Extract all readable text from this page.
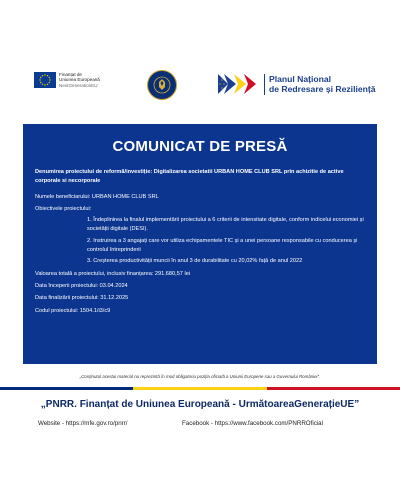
Finanțat de
Uniunea Europeană
NextGenerationEU
Planul Național
de Redresare și Reziliență
COMUNICAT DE PRESĂ

Denumirea proiectului de reformă/investiție: Digitalizarea societatii URBAN HOME CLUB SRL prin achizitie de active corporale si necorporale

Numele beneficiarului: URBAN HOME CLUB SRL

Obiectivele proiectului:

1. Îndeplinirea la finalul implementării proiectului a 6 criterii de intensitate digitale, conform indicelui economiei și societății digitale (DESI).
2. Instruirea a 3 angajați care vor utiliza echipamentele TIC și a unei persoane responsabile cu conducerea și controlul întreprinderii
3. Creșterea productivității muncii în anul 3 de durabilitate cu 20,02% față de anul 2022

Valoarea totală a proiectului, inclusiv finanțarea: 291.680,57 lei

Data începerii proiectului: 03.04.2024

Data finalizării proiectului: 31.12.2025

Codul proiectului: 1504.1/i3/c9

„Conținutul acestui material nu reprezintă în mod obligatoriu poziția oficială a Uniunii Europene sau a Guvernului României”.
„PNRR. Finanțat de Uniunea Europeană - UrmătoareaGenerațieUE”
Website - https://mfe.gov.ro/pnrr/	Facebook - https://www.facebook.com/PNRROficial
